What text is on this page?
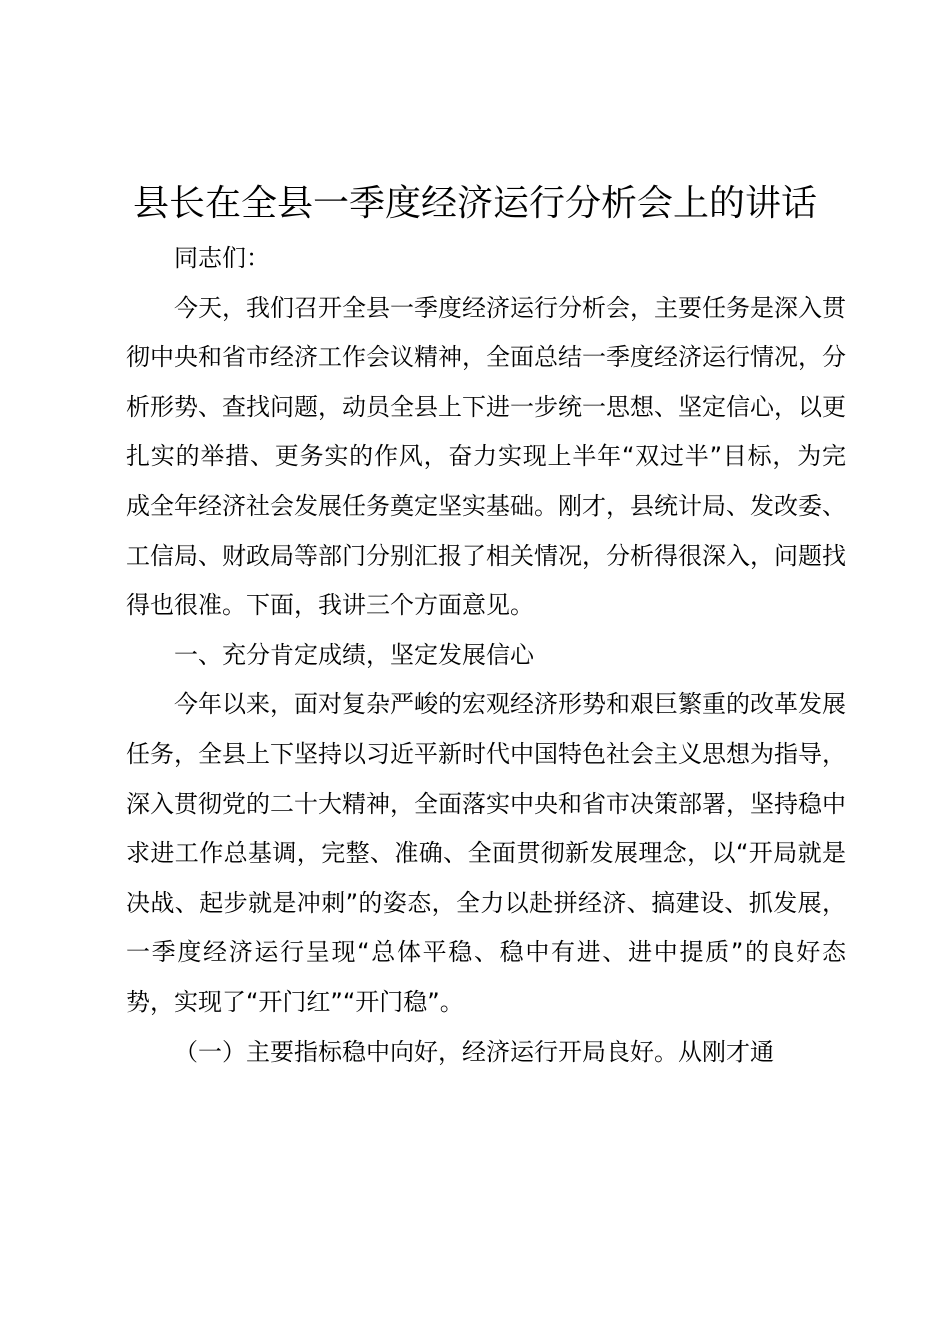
县长在全县一季度经济运行分析会上的讲话

同志们：

今天，我们召开全县一季度经济运行分析会，主要任务是深入贯彻中央和省市经济工作会议精神，全面总结一季度经济运行情况，分析形势、查找问题，动员全县上下进一步统一思想、坚定信心，以更扎实的举措、更务实的作风，奋力实现上半年“双过半”目标，为完成全年经济社会发展任务奠定坚实基础。刚才，县统计局、发改委、工信局、财政局等部门分别汇报了相关情况，分析得很深入，问题找得也很准。下面，我讲三个方面意见。

一、充分肯定成绩，坚定发展信心

今年以来，面对复杂严峻的宏观经济形势和艰巨繁重的改革发展任务，全县上下坚持以习近平新时代中国特色社会主义思想为指导，深入贯彻党的二十大精神，全面落实中央和省市决策部署，坚持稳中求进工作总基调，完整、准确、全面贯彻新发展理念，以“开局就是决战、起步就是冲刺”的姿态，全力以赴拼经济、搞建设、抓发展，一季度经济运行呈现“总体平稳、稳中有进、进中提质”的良好态势，实现了“开门红”“开门稳”。

（一）主要指标稳中向好，经济运行开局良好。从刚才通
